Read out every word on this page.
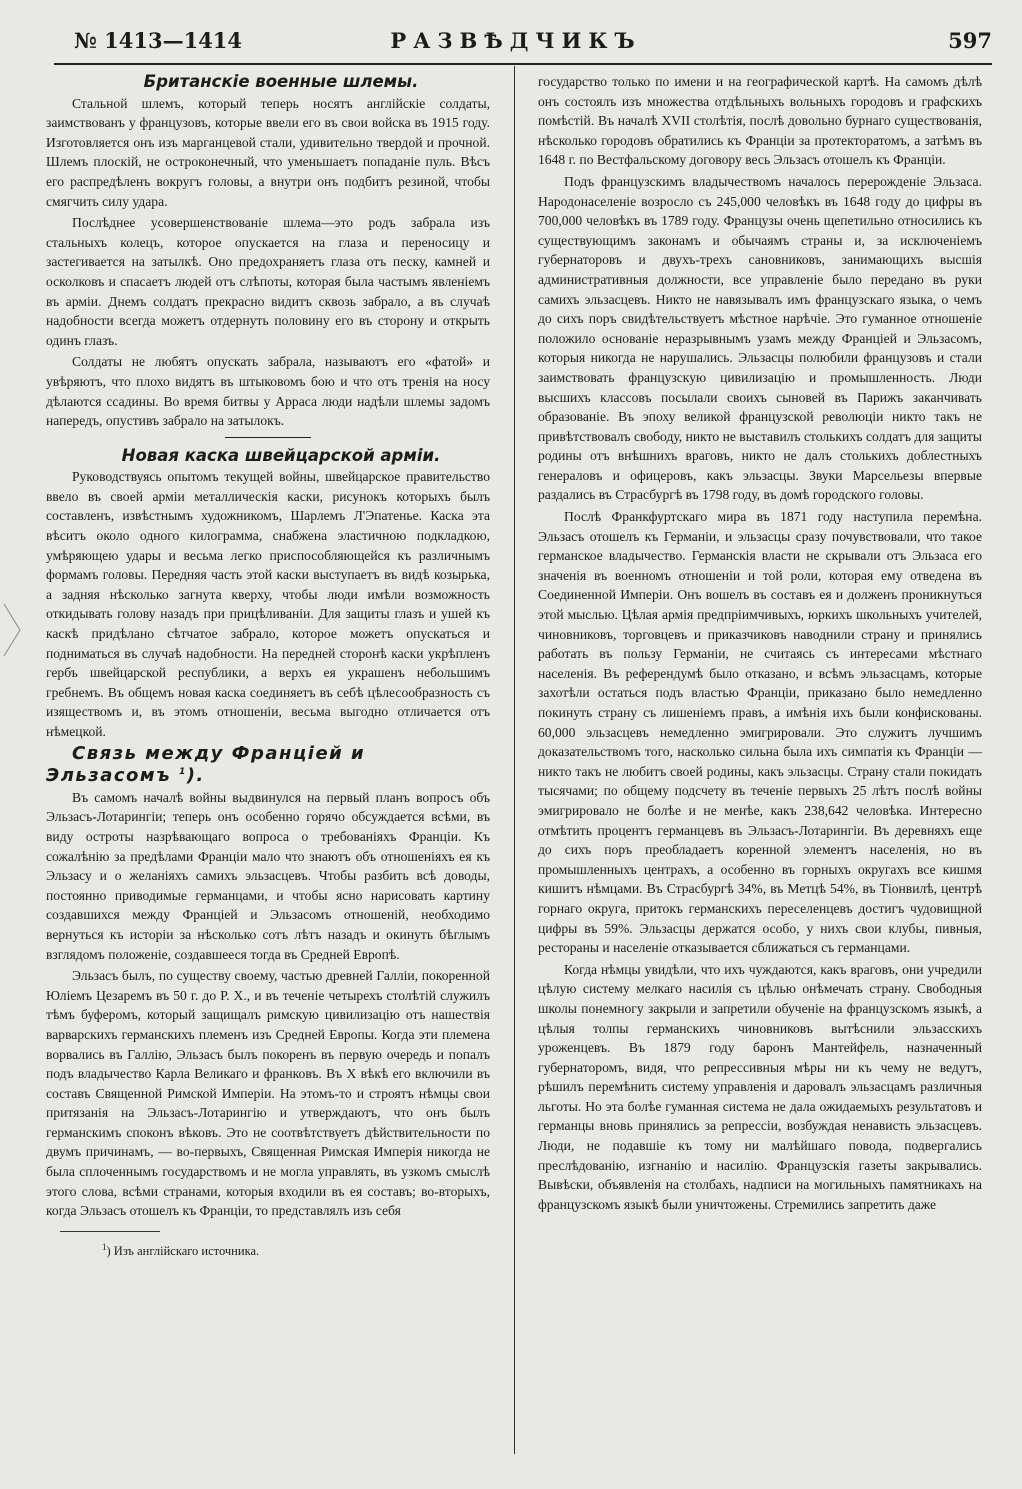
№ 1413—1414	РАЗВѢДЧИКЪ	597

Британскіе военные шлемы.

Стальной шлемъ, который теперь носятъ англійскіе солдаты, заимствованъ у французовъ, которые ввели его въ свои войска въ 1915 году. Изготовляется онъ изъ марганцевой стали, удивительно твердой и прочной. Шлемъ плоскій, не остроконечный, что уменьшаетъ попаданіе пуль. Вѣсъ его распредѣленъ вокругъ головы, а внутри онъ подбитъ резиной, чтобы смягчить силу удара.

Послѣднее усовершенствованіе шлема—это родъ забрала изъ стальныхъ колецъ, которое опускается на глаза и переносицу и застегивается на затылкѣ. Оно предохраняетъ глаза отъ песку, камней и осколковъ и спасаетъ людей отъ слѣпоты, которая была частымъ явленіемъ въ арміи. Днемъ солдатъ прекрасно видитъ сквозь забрало, а въ случаѣ надобности всегда можетъ отдернуть половину его въ сторону и открыть одинъ глазъ.

Солдаты не любятъ опускать забрала, называютъ его «фатой» и увѣряютъ, что плохо видятъ въ штыковомъ бою и что отъ тренія на носу дѣлаются ссадины. Во время битвы у Арраса люди надѣли шлемы задомъ напередъ, опустивъ забрало на затылокъ.

Новая каска швейцарской арміи.

Руководствуясь опытомъ текущей войны, швейцарское правительство ввело въ своей арміи металлическія каски, рисунокъ которыхъ былъ составленъ, извѣстнымъ художникомъ, Шарлемъ Л'Эпатенье. Каска эта вѣситъ около одного килограмма, снабжена эластичною подкладкою, умѣряющею удары и весьма легко приспособляющейся къ различнымъ формамъ головы. Передняя часть этой каски выступаетъ въ видѣ козырька, а задняя нѣсколько загнута кверху, чтобы люди имѣли возможность откидывать голову назадъ при прицѣливаніи. Для защиты глазъ и ушей къ каскѣ придѣлано сѣтчатое забрало, которое можетъ опускаться и подниматься въ случаѣ надобности. На передней сторонѣ каски укрѣпленъ гербъ швейцарской республики, а верхъ ея украшенъ небольшимъ гребнемъ. Въ общемъ новая каска соединяетъ въ себѣ цѣлесообразность съ изяществомъ и, въ этомъ отношеніи, весьма выгодно отличается отъ нѣмецкой.

Связь между Франціей и Эльзасомъ $^1$).

Въ самомъ началѣ войны выдвинулся на первый планъ вопросъ объ Эльзасъ-Лотарингіи; теперь онъ особенно горячо обсуждается всѣми, въ виду остроты назрѣвающаго вопроса о требованіяхъ Франціи. Къ сожалѣнію за предѣлами Франціи мало что знаютъ объ отношеніяхъ ея къ Эльзасу и о желаніяхъ самихъ эльзасцевъ. Чтобы разбить всѣ доводы, постоянно приводимые германцами, и чтобы ясно нарисовать картину создавшихся между Франціей и Эльзасомъ отношеній, необходимо вернуться къ исторіи за нѣсколько сотъ лѣтъ назадъ и окинуть бѣглымъ взглядомъ положеніе, создавшееся тогда въ Средней Европѣ.

Эльзасъ былъ, по существу своему, частью древней Галліи, покоренной Юліемъ Цезаремъ въ 50 г. до Р. Х., и въ теченіе четырехъ столѣтій служилъ тѣмъ буферомъ, который защищалъ римскую цивилизацію отъ нашествія варварскихъ германскихъ племенъ изъ Средней Европы. Когда эти племена ворвались въ Галлію, Эльзасъ былъ покоренъ въ первую очередь и попалъ подъ владычество Карла Великаго и франковъ. Въ X вѣкѣ его включили въ составъ Священной Римской Имперіи. На этомъ-то и строятъ нѣмцы свои притязанія на Эльзасъ-Лотарингію и утверждаютъ, что онъ былъ германскимъ споконъ вѣковъ. Это не соотвѣтствуетъ дѣйствительности по двумъ причинамъ, — во-первыхъ, Священная Римская Имперія никогда не была сплоченнымъ государствомъ и не могла управлять, въ узкомъ смыслѣ этого слова, всѣми странами, которыя входили въ ея составъ; во-вторыхъ, когда Эльзасъ отошелъ къ Франціи, то представлялъ изъ себя

$^1$) Изъ англійскаго источника.

государство только по имени и на географической картѣ. На самомъ дѣлѣ онъ состоялъ изъ множества отдѣльныхъ вольныхъ городовъ и графскихъ помѣстій. Въ началѣ XVII столѣтія, послѣ довольно бурнаго существованія, нѣсколько городовъ обратились къ Франціи за протекторатомъ, а затѣмъ въ 1648 г. по Вестфальскому договору весь Эльзасъ отошелъ къ Франціи.

Подъ французскимъ владычествомъ началось перерожденіе Эльзаса. Народонаселеніе возросло съ 245,000 человѣкъ въ 1648 году до цифры въ 700,000 человѣкъ въ 1789 году. Французы очень щепетильно относились къ существующимъ законамъ и обычаямъ страны и, за исключеніемъ губернаторовъ и двухъ-трехъ сановниковъ, занимающихъ высшія административныя должности, все управленіе было передано въ руки самихъ эльзасцевъ. Никто не навязывалъ имъ французскаго языка, о чемъ до сихъ поръ свидѣтельствуетъ мѣстное нарѣчіе. Это гуманное отношеніе положило основаніе неразрывнымъ узамъ между Франціей и Эльзасомъ, которыя никогда не нарушались. Эльзасцы полюбили французовъ и стали заимствовать французскую цивилизацію и промышленность. Люди высшихъ классовъ посылали своихъ сыновей въ Парижъ заканчивать образованіе. Въ эпоху великой французской революціи никто такъ не привѣтствовалъ свободу, никто не выставилъ столькихъ солдатъ для защиты родины отъ внѣшнихъ враговъ, никто не далъ столькихъ доблестныхъ генераловъ и офицеровъ, какъ эльзасцы. Звуки Марсельезы впервые раздались въ Страсбургѣ въ 1798 году, въ домѣ городского головы.

Послѣ Франкфуртскаго мира въ 1871 году наступила перемѣна. Эльзасъ отошелъ къ Германіи, и эльзасцы сразу почувствовали, что такое германское владычество. Германскія власти не скрывали отъ Эльзаса его значенія въ военномъ отношеніи и той роли, которая ему отведена въ Соединенной Имперіи. Онъ вошелъ въ составъ ея и долженъ проникнуться этой мыслью. Цѣлая армія предпріимчивыхъ, юркихъ школьныхъ учителей, чиновниковъ, торговцевъ и приказчиковъ наводнили страну и принялись работать въ пользу Германіи, не считаясь съ интересами мѣстнаго населенія. Въ референдумѣ было отказано, и всѣмъ эльзасцамъ, которые захотѣли остаться подъ властью Франціи, приказано было немедленно покинуть страну съ лишеніемъ правъ, а имѣнія ихъ были конфискованы. 60,000 эльзасцевъ немедленно эмигрировали. Это служитъ лучшимъ доказательствомъ того, насколько сильна была ихъ симпатія къ Франціи — никто такъ не любитъ своей родины, какъ эльзасцы. Страну стали покидать тысячами; по общему подсчету въ теченіе первыхъ 25 лѣтъ послѣ войны эмигрировало не болѣе и не менѣе, какъ 238,642 человѣка. Интересно отмѣтить процентъ германцевъ въ Эльзасъ-Лотарингіи. Въ деревняхъ еще до сихъ поръ преобладаетъ коренной элементъ населенія, но въ промышленныхъ центрахъ, а особенно въ горныхъ округахъ все кишмя кишитъ нѣмцами. Въ Страсбургѣ 34%, въ Метцѣ 54%, въ Тіонвилѣ, центрѣ горнаго округа, притокъ германскихъ переселенцевъ достигъ чудовищной цифры въ 59%. Эльзасцы держатся особо, у нихъ свои клубы, пивныя, рестораны и населеніе отказывается сближаться съ германцами.

Когда нѣмцы увидѣли, что ихъ чуждаются, какъ враговъ, они учредили цѣлую систему мелкаго насилія съ цѣлью онѣмечать страну. Свободныя школы понемногу закрыли и запретили обученіе на французскомъ языкѣ, а цѣлыя толпы германскихъ чиновниковъ вытѣснили эльзасскихъ уроженцевъ. Въ 1879 году баронъ Мантейфель, назначенный губернаторомъ, видя, что репрессивныя мѣры ни къ чему не ведутъ, рѣшилъ перемѣнить систему управленія и даровалъ эльзасцамъ различныя льготы. Но эта болѣе гуманная система не дала ожидаемыхъ результатовъ и германцы вновь принялись за репрессіи, возбуждая ненависть эльзасцевъ. Люди, не подавшіе къ тому ни малѣйшаго повода, подвергались преслѣдованію, изгнанію и насилію. Французскія газеты закрывались. Вывѣски, объявленія на столбахъ, надписи на могильныхъ памятникахъ на французскомъ языкѣ были уничтожены. Стремились запретить даже
